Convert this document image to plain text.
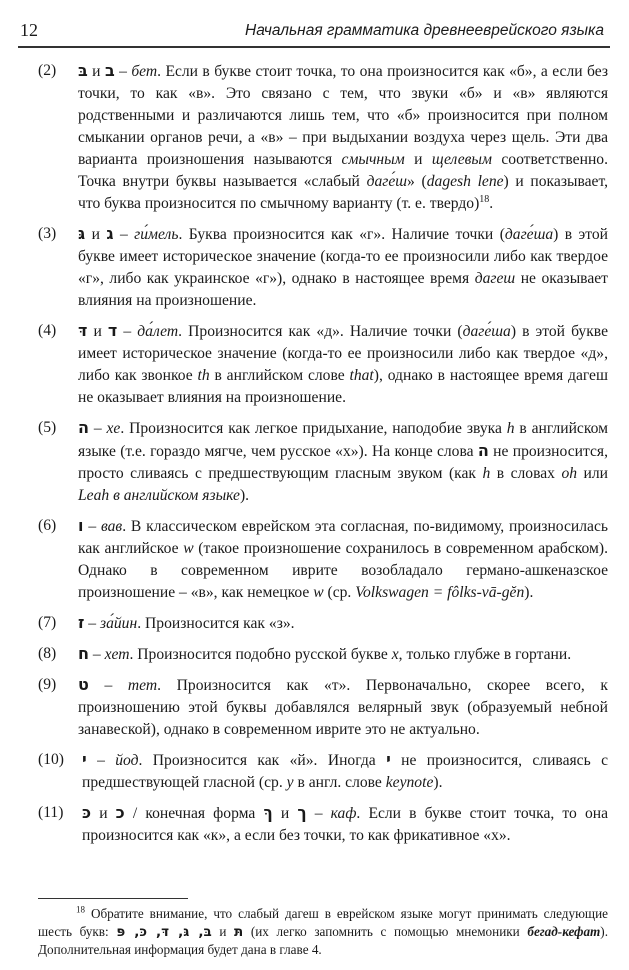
12	Начальная грамматика древнееврейского языка
(2) בּ и ב – бет. Если в букве стоит точка, то она произносится как «б», а если без точки, то как «в». Это связано с тем, что звуки «б» и «в» являются родственными и различаются лишь тем, что «б» произносится при полном смыкании органов речи, а «в» – при выдыхании воздуха через щель. Эти два варианта произношения называются смычным и щелевым соответственно. Точка внутри буквы называется «слабый даге́ш» (dagesh lene) и показывает, что буква произносится по смычному варианту (т. е. твердо)$^{18}$.
(3) גּ и ג – ги́мель. Буква произносится как «г». Наличие точки (даге́ша) в этой букве имеет историческое значение (когда-то ее произносили либо как твердое «г», либо как украинское «г»), однако в настоящее время дагеш не оказывает влияния на произношение.
(4) דּ и ד – да́лет. Произносится как «д». Наличие точки (даге́ша) в этой букве имеет историческое значение (когда-то ее произносили либо как твердое «д», либо как звонкое th в английском слове that), однако в настоящее время дагеш не оказывает влияния на произношение.
(5) ה – хе. Произносится как легкое придыхание, наподобие звука h в английском языке (т.е. гораздо мягче, чем русское «х»). На конце слова ה не произносится, просто сливаясь с предшествующим гласным звуком (как h в словах oh или Leah в английском языке).
(6) ו – вав. В классическом еврейском эта согласная, по-видимому, произносилась как английское w (такое произношение сохранилось в современном арабском). Однако в современном иврите возобладало германо-ашкеназское произношение – «в», как немецкое w (ср. Volkswagen = fôlks-vā-gĕn).
(7) ז – за́йин. Произносится как «з».
(8) ח – хет. Произносится подобно русской букве х, только глубже в гортани.
(9) ט – тет. Произносится как «т». Первоначально, скорее всего, к произношению этой буквы добавлялся велярный звук (образуемый небной занавеской), однако в современном иврите это не актуально.
(10) י – йод. Произносится как «й». Иногда י не произносится, сливаясь с предшествующей гласной (ср. y в англ. слове keynote).
(11) כּ и כ / конечная форма ךּ и ך – каф. Если в букве стоит точка, то она произносится как «к», а если без точки, то как фрикативное «х».
$^{18}$ Обратите внимание, что слабый дагеш в еврейском языке могут принимать следующие шесть букв: בּ, גּ, דּ, כּ, פּ и תּ (их легко запомнить с помощью мнемоники бегад-кефат). Дополнительная информация будет дана в главе 4.
